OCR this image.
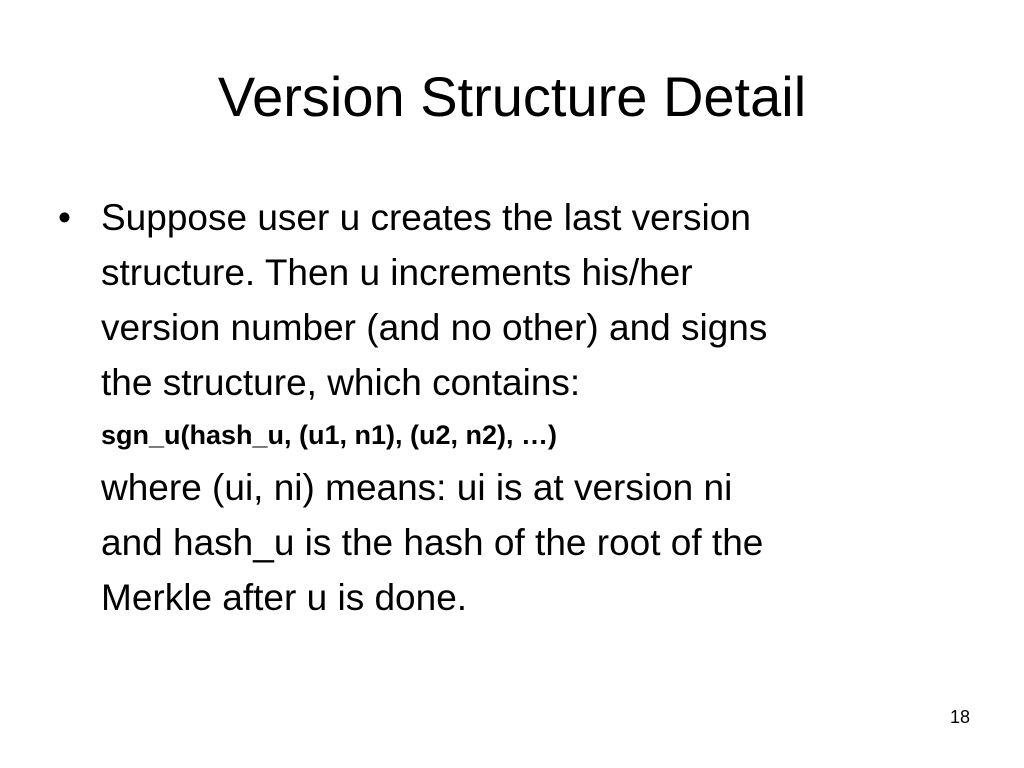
Version Structure Detail
• Suppose user u creates the last version
structure. Then u increments his/her
version number (and no other) and signs
the structure, which contains:
sgn_u(hash_u, (u1, n1), (u2, n2), …)
where (ui, ni) means: ui is at version ni
and hash_u is the hash of the root of the
Merkle after u is done.
18
